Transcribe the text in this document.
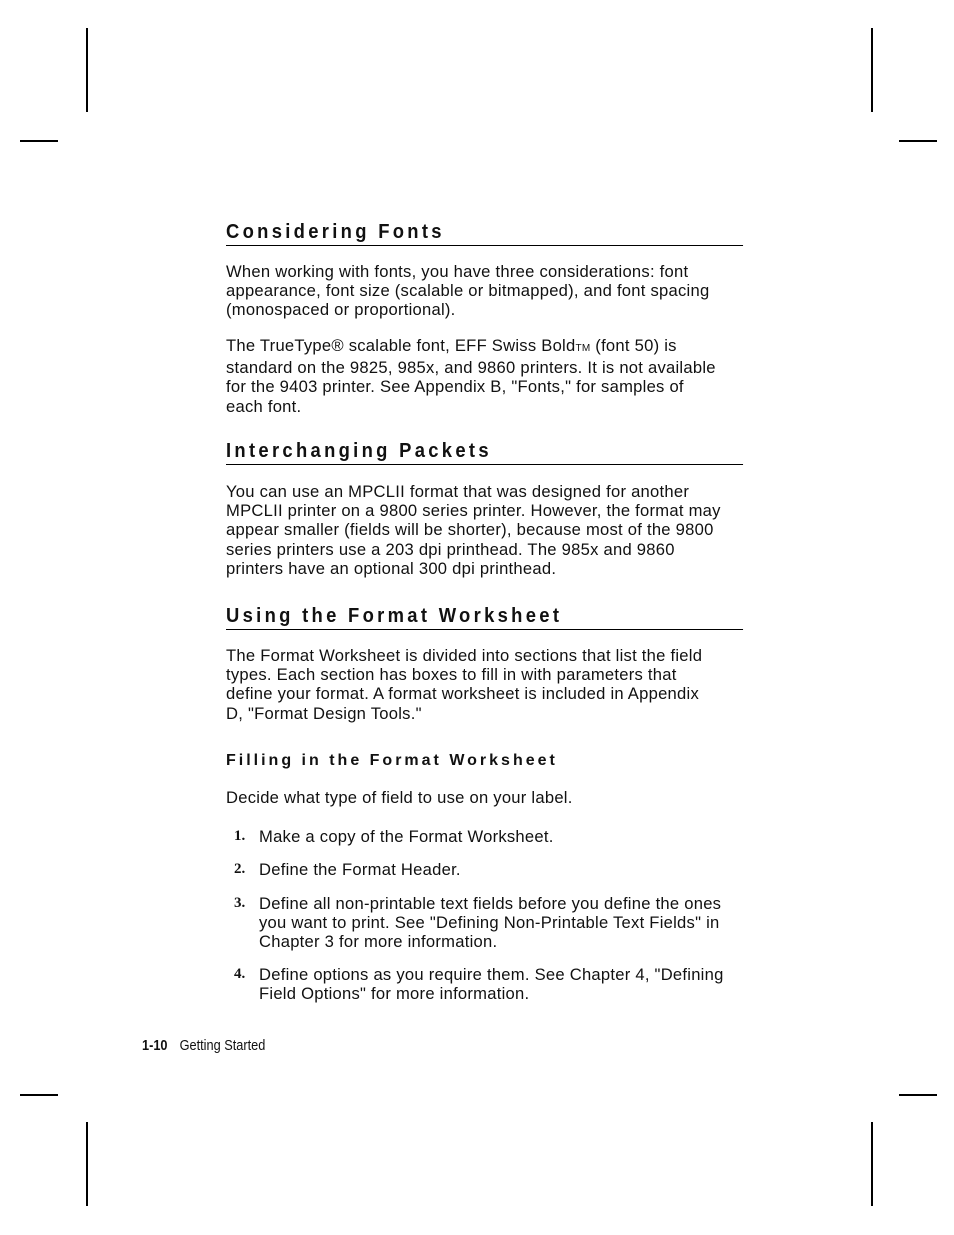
Considering Fonts

When working with fonts, you have three considerations: font
appearance, font size (scalable or bitmapped), and font spacing
(monospaced or proportional).

The TrueType® scalable font, EFF Swiss BoldTM (font 50) is
standard on the 9825, 985x, and 9860 printers. It is not available
for the 9403 printer. See Appendix B, "Fonts," for samples of
each font.

Interchanging Packets

You can use an MPCLII format that was designed for another
MPCLII printer on a 9800 series printer. However, the format may
appear smaller (fields will be shorter), because most of the 9800
series printers use a 203 dpi printhead. The 985x and 9860
printers have an optional 300 dpi printhead.

Using the Format Worksheet

The Format Worksheet is divided into sections that list the field
types. Each section has boxes to fill in with parameters that
define your format. A format worksheet is included in Appendix
D, "Format Design Tools."

Filling in the Format Worksheet

Decide what type of field to use on your label.

1. Make a copy of the Format Worksheet.
2. Define the Format Header.
3. Define all non-printable text fields before you define the ones
you want to print. See "Defining Non-Printable Text Fields" in
Chapter 3 for more information.
4. Define options as you require them. See Chapter 4, "Defining
Field Options" for more information.
1-10 Getting Started
